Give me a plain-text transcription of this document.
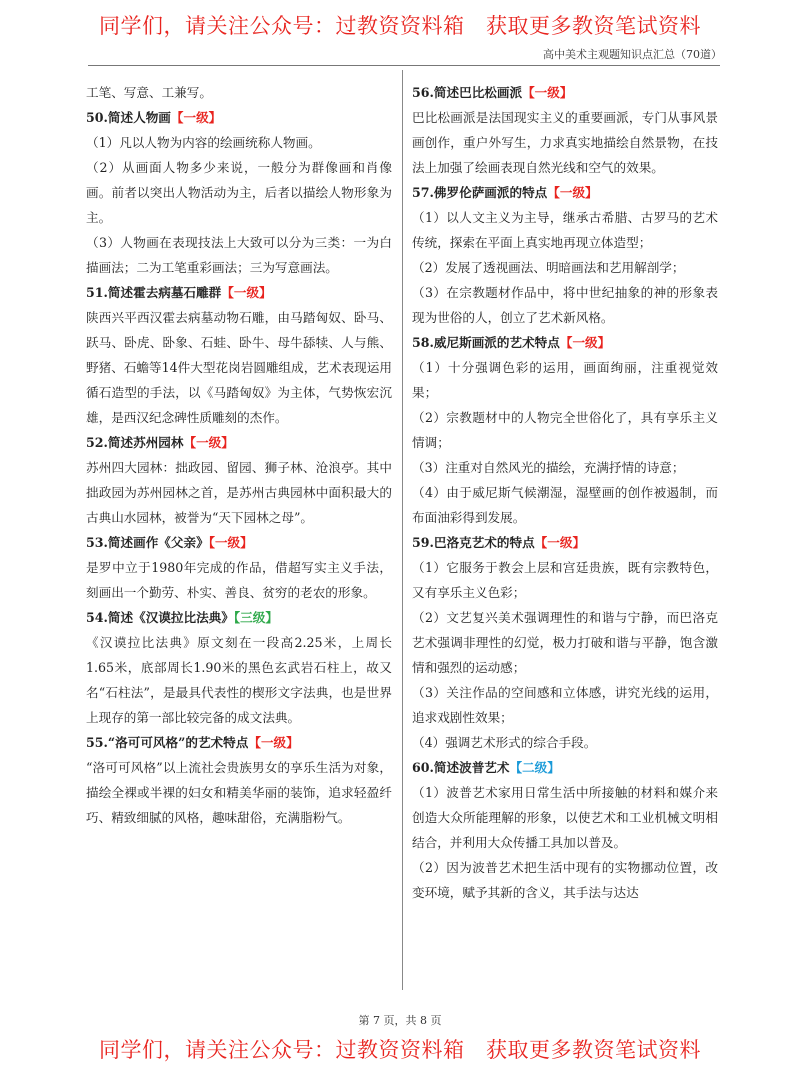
同学们，请关注公众号：过教资资料箱　获取更多教资笔试资料
高中美术主观题知识点汇总（70道）
工笔、写意、工兼写。
50.简述人物画【一级】
（1）凡以人物为内容的绘画统称人物画。
（2）从画面人物多少来说，一般分为群像画和肖像画。前者以突出人物活动为主，后者以描绘人物形象为主。
（3）人物画在表现技法上大致可以分为三类：一为白描画法；二为工笔重彩画法；三为写意画法。
51.简述霍去病墓石雕群【一级】
陕西兴平西汉霍去病墓动物石雕，由马踏匈奴、卧马、跃马、卧虎、卧象、石蛙、卧牛、母牛舔犊、人与熊、野猪、石蟾等14件大型花岗岩圆雕组成，艺术表现运用循石造型的手法，以《马踏匈奴》为主体，气势恢宏沉雄，是西汉纪念碑性质雕刻的杰作。
52.简述苏州园林【一级】
苏州四大园林：拙政园、留园、狮子林、沧浪亭。其中拙政园为苏州园林之首，是苏州古典园林中面积最大的古典山水园林，被誉为“天下园林之母”。
53.简述画作《父亲》【一级】
是罗中立于1980年完成的作品，借超写实主义手法，刻画出一个勤劳、朴实、善良、贫穷的老农的形象。
54.简述《汉谟拉比法典》【三级】
《汉谟拉比法典》原文刻在一段高2.25米，上周长1.65米，底部周长1.90米的黑色玄武岩石柱上，故又名“石柱法”，是最具代表性的楔形文字法典，也是世界上现存的第一部比较完备的成文法典。
55.“洛可可风格”的艺术特点【一级】
“洛可可风格”以上流社会贵族男女的享乐生活为对象，描绘全裸或半裸的妇女和精美华丽的装饰，追求轻盈纤巧、精致细腻的风格，趣味甜俗，充满脂粉气。
56.简述巴比松画派【一级】
巴比松画派是法国现实主义的重要画派，专门从事风景画创作，重户外写生，力求真实地描绘自然景物，在技法上加强了绘画表现自然光线和空气的效果。
57.佛罗伦萨画派的特点【一级】
（1）以人文主义为主导，继承古希腊、古罗马的艺术传统，探索在平面上真实地再现立体造型；
（2）发展了透视画法、明暗画法和艺用解剖学；
（3）在宗教题材作品中，将中世纪抽象的神的形象表现为世俗的人，创立了艺术新风格。
58.威尼斯画派的艺术特点【一级】
（1）十分强调色彩的运用，画面绚丽，注重视觉效果；
（2）宗教题材中的人物完全世俗化了，具有享乐主义情调；
（3）注重对自然风光的描绘，充满抒情的诗意；
（4）由于威尼斯气候潮湿，湿壁画的创作被遏制，而布面油彩得到发展。
59.巴洛克艺术的特点【一级】
（1）它服务于教会上层和宫廷贵族，既有宗教特色，又有享乐主义色彩；
（2）文艺复兴美术强调理性的和谐与宁静，而巴洛克艺术强调非理性的幻觉，极力打破和谐与平静，饱含激情和强烈的运动感；
（3）关注作品的空间感和立体感，讲究光线的运用，追求戏剧性效果；
（4）强调艺术形式的综合手段。
60.简述波普艺术【二级】
（1）波普艺术家用日常生活中所接触的材料和媒介来创造大众所能理解的形象，以使艺术和工业机械文明相结合，并利用大众传播工具加以普及。
（2）因为波普艺术把生活中现有的实物挪动位置，改变环境，赋予其新的含义，其手法与达达
第 7 页，共 8 页
同学们，请关注公众号：过教资资料箱　获取更多教资笔试资料
